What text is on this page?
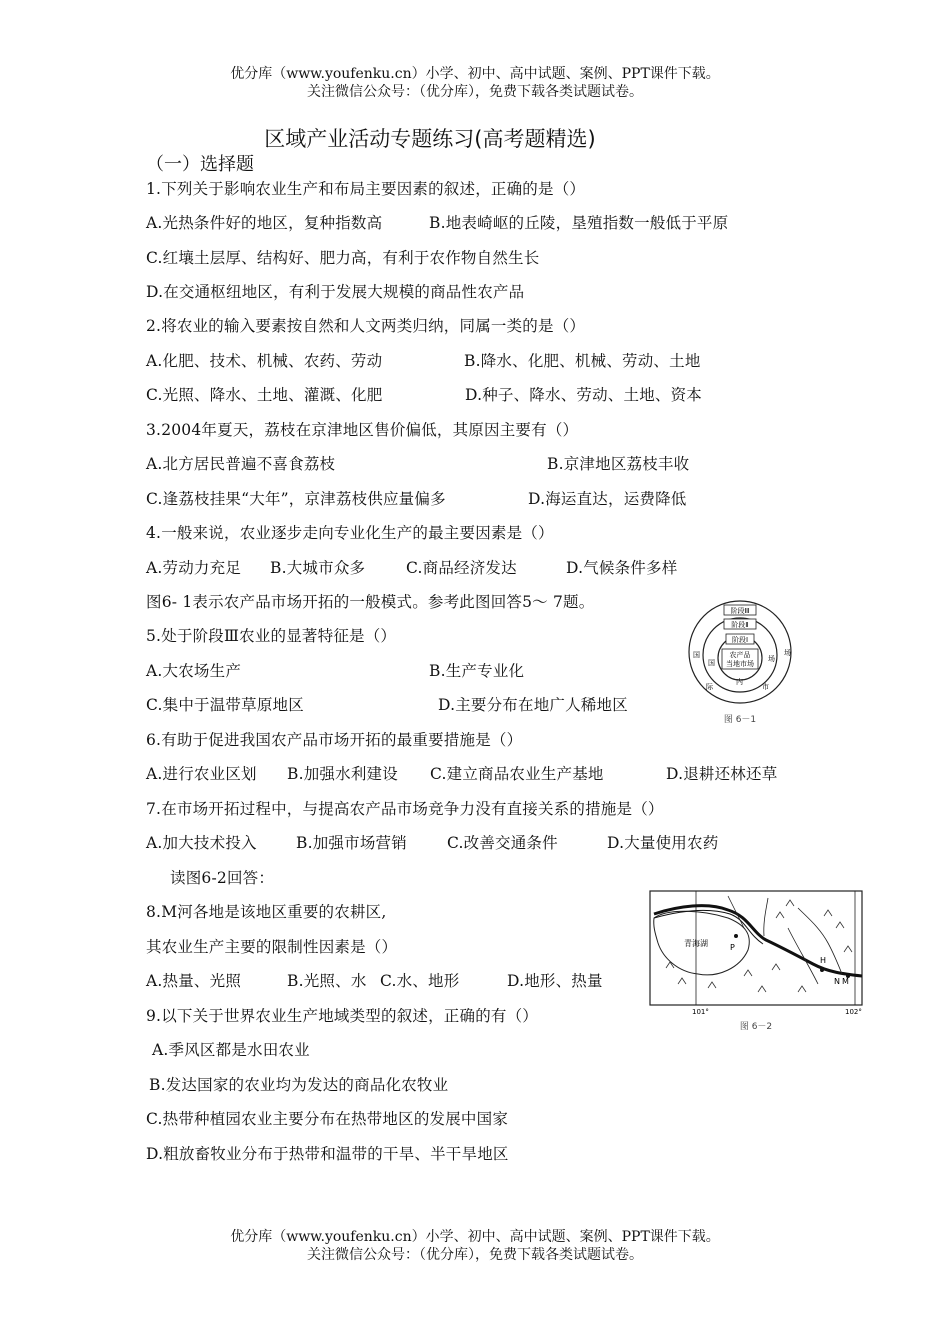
优分库（www.youfenku.cn）小学、初中、高中试题、案例、PPT课件下载。
关注微信公众号：（优分库），免费下载各类试题试卷。
区域产业活动专题练习(高考题精选)
（一）选择题
1.下列关于影响农业生产和布局主要因素的叙述，正确的是（）
A.光热条件好的地区，复种指数高	B.地表崎岖的丘陵，垦殖指数一般低于平原
C.红壤土层厚、结构好、肥力高，有利于农作物自然生长
D.在交通枢纽地区，有利于发展大规模的商品性农产品
2.将农业的输入要素按自然和人文两类归纳，同属一类的是（）
A.化肥、技术、机械、农药、劳动	B.降水、化肥、机械、劳动、土地
C.光照、降水、土地、灌溉、化肥	D.种子、降水、劳动、土地、资本
3.2004年夏天，荔枝在京津地区售价偏低，其原因主要有（）
A.北方居民普遍不喜食荔枝	B.京津地区荔枝丰收
C.逢荔枝挂果“大年”，京津荔枝供应量偏多	D.海运直达，运费降低
4.一般来说，农业逐步走向专业化生产的最主要因素是（）
A.劳动力充足 B.大城市众多	C.商品经济发达	D.气候条件多样
图6- 1表示农产品市场开拓的一般模式。参考此图回答5～ 7题。
5.处于阶段Ⅲ农业的显著特征是（）
A.大农场生产	B.生产专业化
C.集中于温带草原地区	D.主要分布在地广人稀地区
阶段Ⅲ
阶段Ⅱ
阶段Ⅰ
农产品
当地市场
国
国
际
内
市
场
场
图 6－1
6.有助于促进我国农产品市场开拓的最重要措施是（）
A.进行农业区划 B.加强水利建设 C.建立商品农业生产基地	D.退耕还林还草
7.在市场开拓过程中，与提高农产品市场竞争力没有直接关系的措施是（）
A.加大技术投入	B.加强市场营销	C.改善交通条件	D.大量使用农药
读图6-2回答：
8.M河各地是该地区重要的农耕区,
其农业生产主要的限制性因素是（）
A.热量、光照	B.光照、水 C.水、地形	D.地形、热量
青海湖	P
H
N M
101°	102°
图 6－2
9.以下关于世界农业生产地域类型的叙述，正确的有（）
A.季风区都是水田农业
B.发达国家的农业均为发达的商品化农牧业
C.热带种植园农业主要分布在热带地区的发展中国家
D.粗放畜牧业分布于热带和温带的干旱、半干旱地区
优分库（www.youfenku.cn）小学、初中、高中试题、案例、PPT课件下载。
关注微信公众号：（优分库），免费下载各类试题试卷。
